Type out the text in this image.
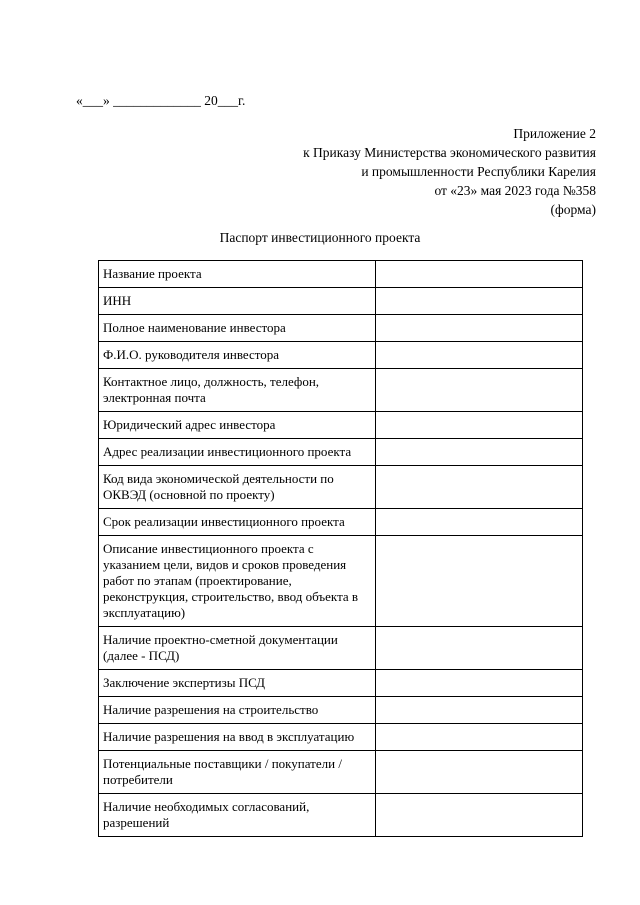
«___» _____________ 20___г.
Приложение 2
к Приказу Министерства экономического развития
и промышленности Республики Карелия
от «23» мая 2023 года №358
(форма)
Паспорт инвестиционного проекта
Название проекта	
ИНН	
Полное наименование инвестора	
Ф.И.О. руководителя инвестора	
Контактное лицо, должность, телефон, электронная почта	
Юридический адрес инвестора	
Адрес реализации инвестиционного проекта	
Код вида экономической деятельности по ОКВЭД (основной по проекту)	
Срок реализации инвестиционного проекта	
Описание инвестиционного проекта с указанием цели, видов и сроков проведения работ по этапам (проектирование, реконструкция, строительство, ввод объекта в эксплуатацию)	
Наличие проектно-сметной документации (далее - ПСД)	
Заключение экспертизы ПСД	
Наличие разрешения на строительство	
Наличие разрешения на ввод в эксплуатацию	
Потенциальные поставщики / покупатели / потребители	
Наличие необходимых согласований, разрешений	
